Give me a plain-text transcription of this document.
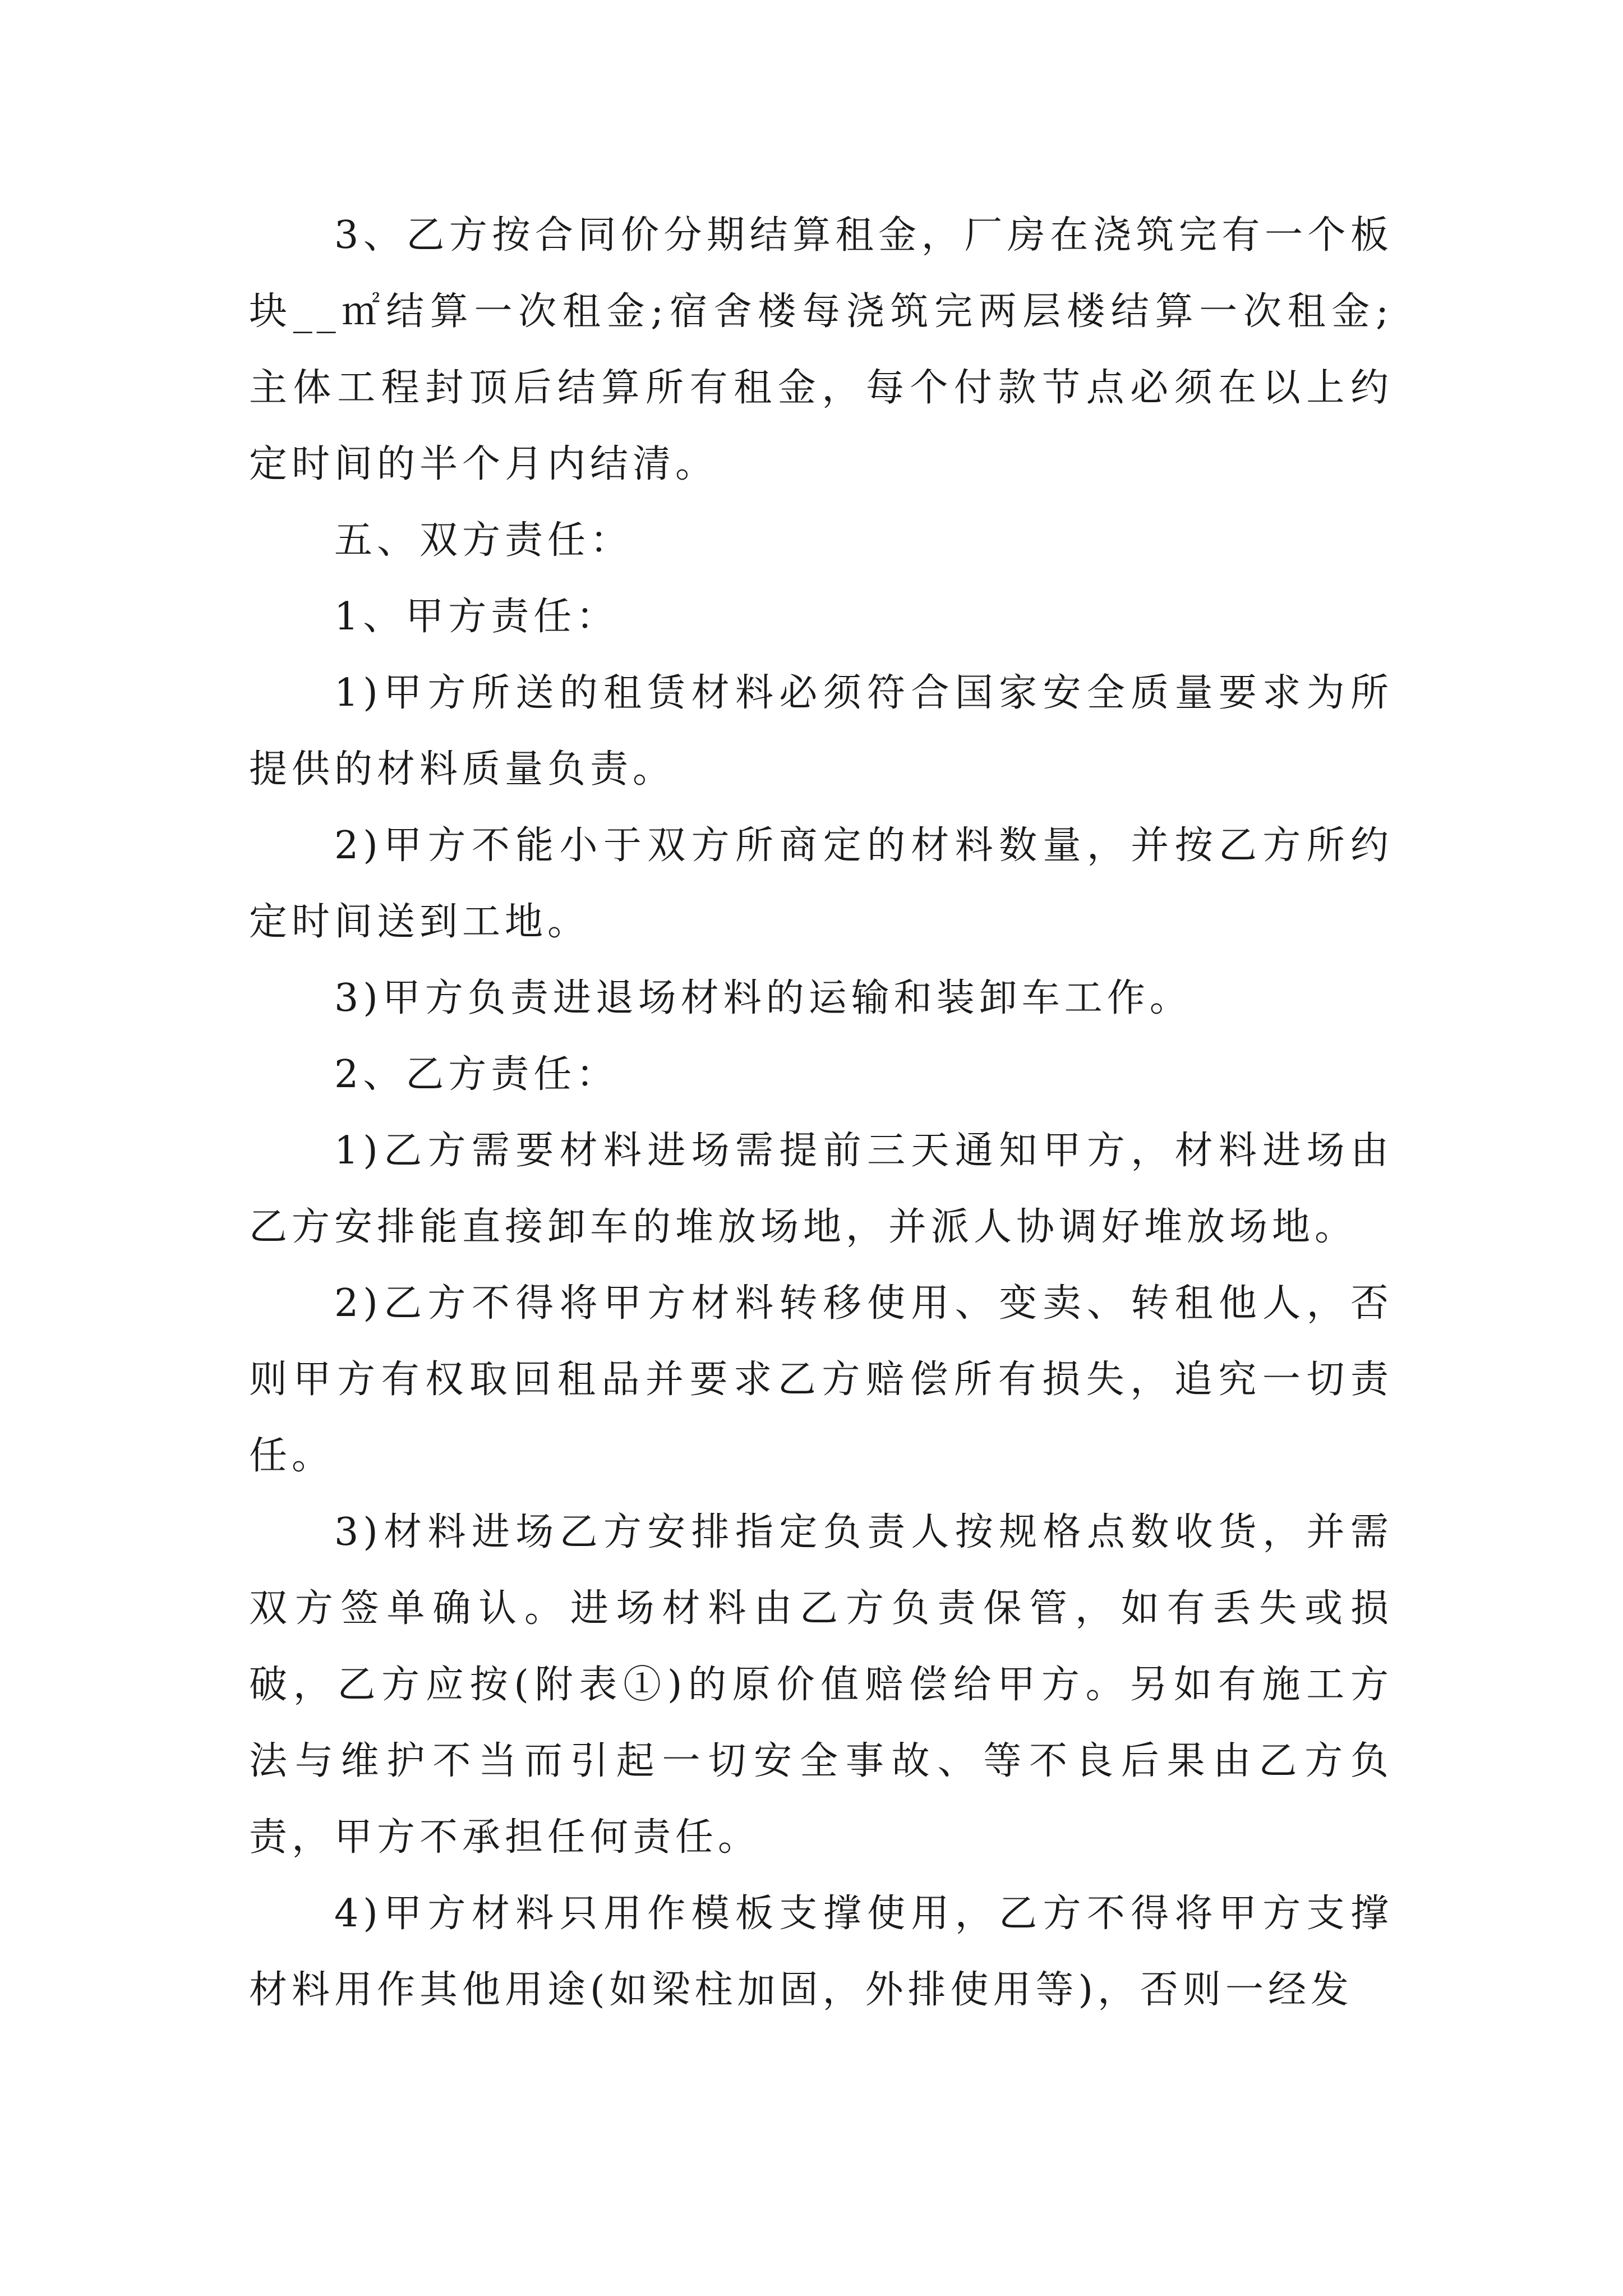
3、乙方按合同价分期结算租金，厂房在浇筑完有一个板块__㎡结算一次租金;宿舍楼每浇筑完两层楼结算一次租金;主体工程封顶后结算所有租金，每个付款节点必须在以上约定时间的半个月内结清。

五、双方责任：

1、甲方责任：

1)甲方所送的租赁材料必须符合国家安全质量要求为所提供的材料质量负责。

2)甲方不能小于双方所商定的材料数量，并按乙方所约定时间送到工地。

3)甲方负责进退场材料的运输和装卸车工作。

2、乙方责任：

1)乙方需要材料进场需提前三天通知甲方，材料进场由乙方安排能直接卸车的堆放场地，并派人协调好堆放场地。

2)乙方不得将甲方材料转移使用、变卖、转租他人，否则甲方有权取回租品并要求乙方赔偿所有损失，追究一切责任。

3)材料进场乙方安排指定负责人按规格点数收货，并需双方签单确认。进场材料由乙方负责保管，如有丢失或损破，乙方应按(附表①)的原价值赔偿给甲方。另如有施工方法与维护不当而引起一切安全事故、等不良后果由乙方负责，甲方不承担任何责任。

4)甲方材料只用作模板支撑使用，乙方不得将甲方支撑材料用作其他用途(如梁柱加固，外排使用等)，否则一经发
